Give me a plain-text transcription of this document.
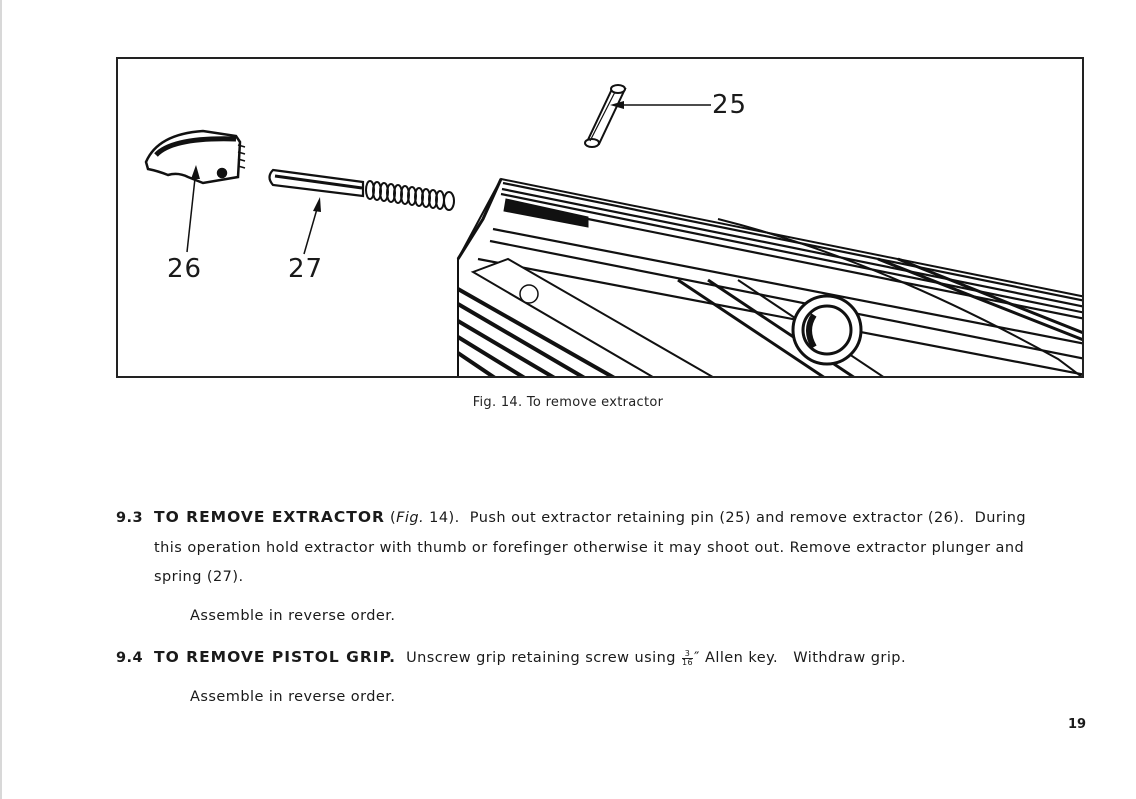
25
26	27
Fig. 14. To remove extractor
9.3 TO REMOVE EXTRACTOR (Fig. 14).  Push out extractor retaining pin (25) and remove extractor (26).  During
this operation hold extractor with thumb or forefinger otherwise it may shoot out. Remove extractor plunger and
spring (27).
Assemble in reverse order.
9.4 TO REMOVE PISTOL GRIP.  Unscrew grip retaining screw using $\frac{3}{16}$ ″ Allen key.   Withdraw grip.
Assemble in reverse order.
19
